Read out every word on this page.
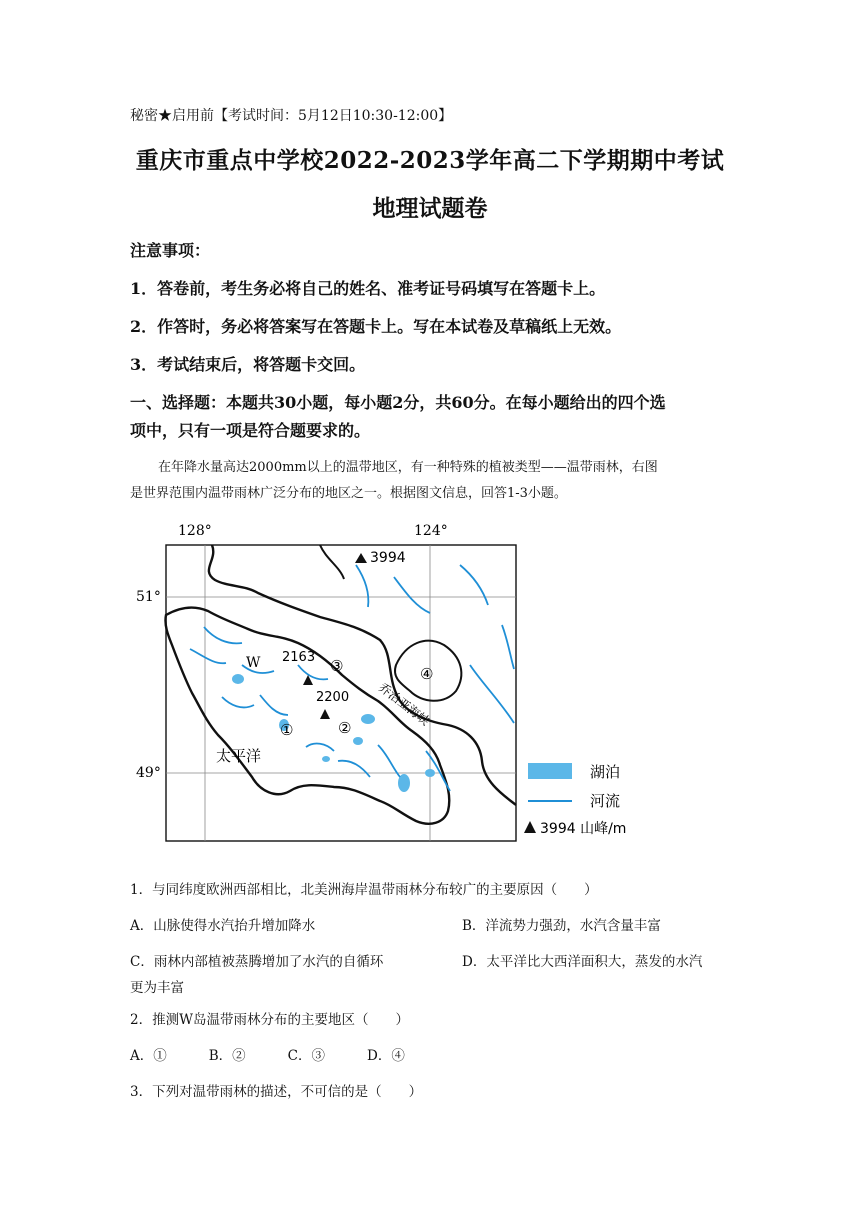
秘密★启用前【考试时间：5月12日10:30-12:00】
重庆市重点中学校2022-2023学年高二下学期期中考试
地理试题卷
注意事项：
1．答卷前，考生务必将自己的姓名、准考证号码填写在答题卡上。
2．作答时，务必将答案写在答题卡上。写在本试卷及草稿纸上无效。
3．考试结束后，将答题卡交回。
一、选择题：本题共30小题，每小题2分，共60分。在每小题给出的四个选
项中，只有一项是符合题要求的。
在年降水量高达2000mm以上的温带地区，有一种特殊的植被类型——温带雨林，右图
是世界范围内温带雨林广泛分布的地区之一。根据图文信息，回答1-3小题。
128°	124°
51°
49°
3994
2163
2200
W
太平洋
①	②
③	④
乔治亚海峡
湖泊
河流
3994 山峰/m
1．与同纬度欧洲西部相比，北美洲海岸温带雨林分布较广的主要原因（　　）
A．山脉使得水汽抬升增加降水	B．洋流势力强劲，水汽含量丰富
C．雨林内部植被蒸腾增加了水汽的自循环	D．太平洋比大西洋面积大，蒸发的水汽
更为丰富
2．推测W岛温带雨林分布的主要地区（　　）
A．①	B．②	C．③	D．④
3．下列对温带雨林的描述，不可信的是（　　）
